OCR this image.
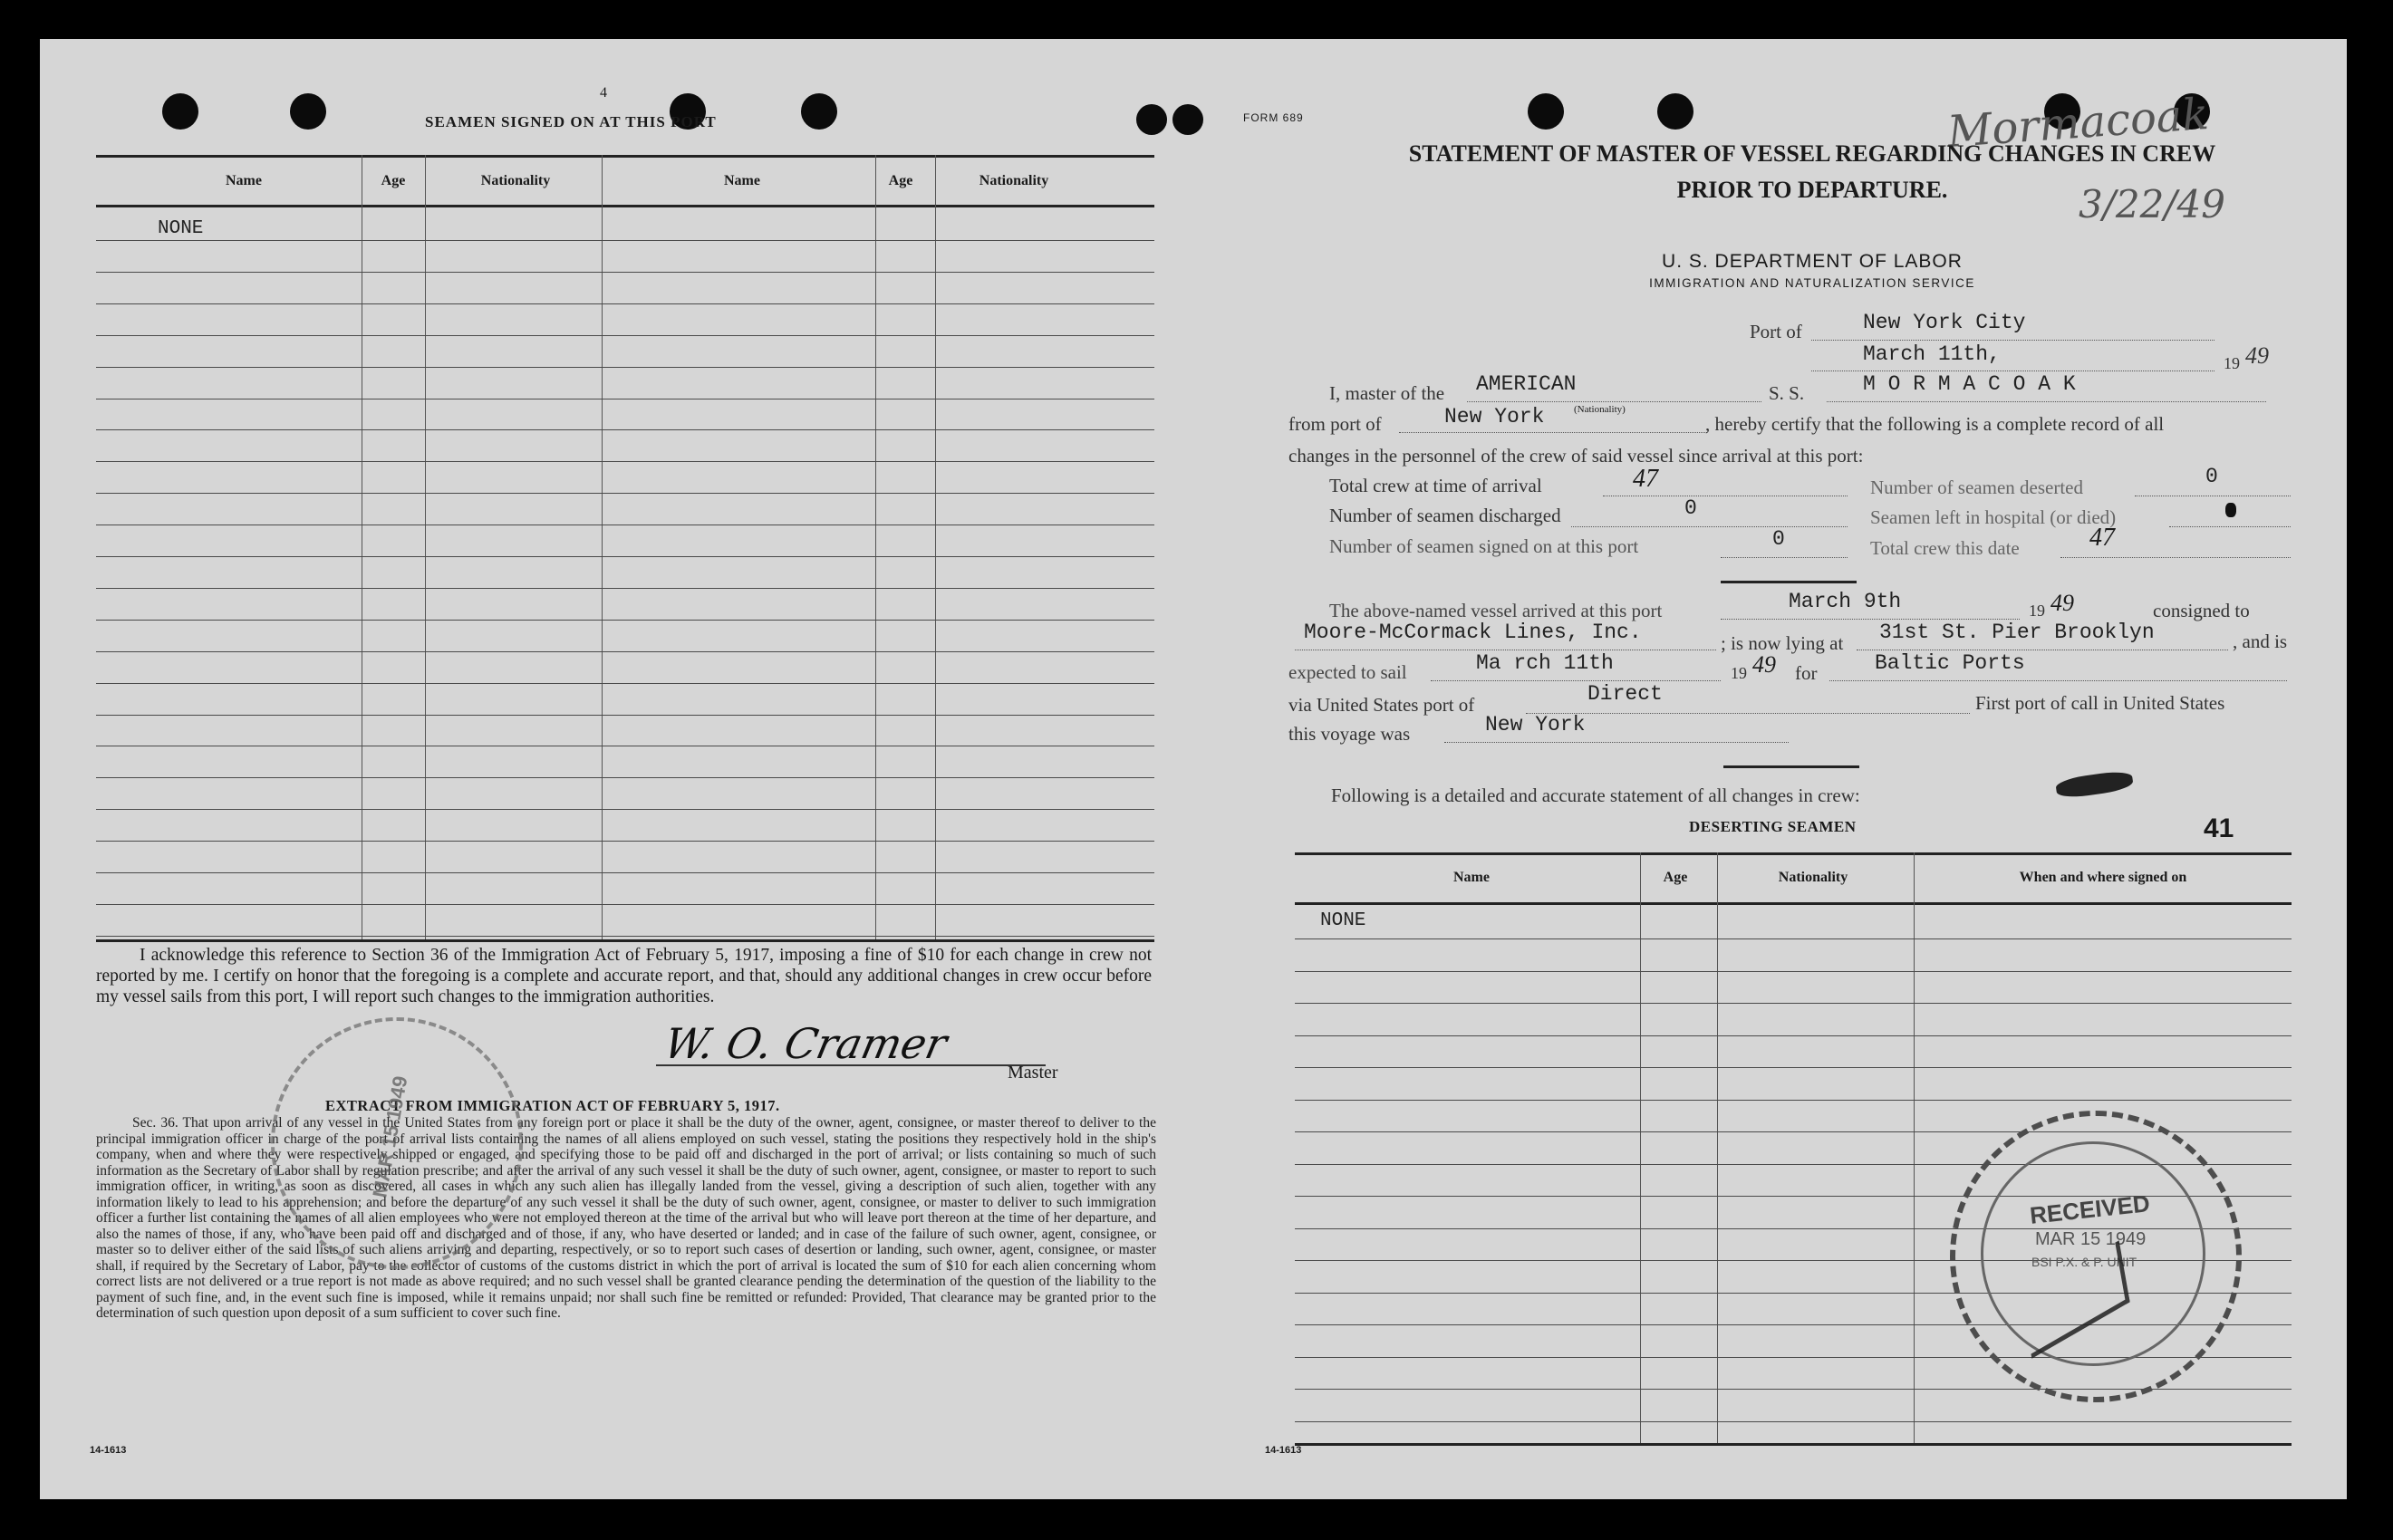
4
SEAMEN SIGNED ON AT THIS PORT
Name	Age	Nationality	Name	Age	Nationality
NONE
I acknowledge this reference to Section 36 of the Immigration Act of February 5, 1917, imposing a fine of $10 for each change in crew not reported by me. I certify on honor that the foregoing is a complete and accurate report, and that, should any additional changes in crew occur before my vessel sails from this port, I will report such changes to the immigration authorities.
W. O. Cramer
Master
EXTRACT FROM IMMIGRATION ACT OF FEBRUARY 5, 1917.
Sec. 36. That upon arrival of any vessel in the United States from any foreign port or place it shall be the duty of the owner, agent, consignee, or master thereof to deliver to the principal immigration officer in charge of the port of arrival lists containing the names of all aliens employed on such vessel, stating the positions they respectively hold in the ship's company, when and where they were respectively shipped or engaged, and specifying those to be paid off and discharged in the port of arrival; or lists containing so much of such information as the Secretary of Labor shall by regulation prescribe; and after the arrival of any such vessel it shall be the duty of such owner, agent, consignee, or master to report to such immigration officer, in writing, as soon as discovered, all cases in which any such alien has illegally landed from the vessel, giving a description of such alien, together with any information likely to lead to his apprehension; and before the departure of any such vessel it shall be the duty of such owner, agent, consignee, or master to deliver to such immigration officer a further list containing the names of all alien employees who were not employed thereon at the time of the arrival but who will leave port thereon at the time of her departure, and also the names of those, if any, who have been paid off and discharged and of those, if any, who have deserted or landed; and in case of the failure of such owner, agent, consignee, or master so to deliver either of the said lists of such aliens arriving and departing, respectively, or so to report such cases of desertion or landing, such owner, agent, consignee, or master shall, if required by the Secretary of Labor, pay to the collector of customs of the customs district in which the port of arrival is located the sum of $10 for each alien concerning whom correct lists are not delivered or a true report is not made as above required; and no such vessel shall be granted clearance pending the determination of the question of the liability to the payment of such fine, and, in the event such fine is imposed, while it remains unpaid; nor shall such fine be remitted or refunded: Provided, That clearance may be granted prior to the determination of such question upon deposit of a sum sufficient to cover such fine.
14-1613
MAR 15 1949
FORM 689	Mormacoak
3/22/49
STATEMENT OF MASTER OF VESSEL REGARDING CHANGES IN CREW
PRIOR TO DEPARTURE.
U. S. DEPARTMENT OF LABOR
IMMIGRATION AND NATURALIZATION SERVICE
Port of	New York City
March 11th,	19 49
I, master of the AMERICAN	S. S.	M O R M A C O A K
from port of	New York	(Nationality)
, hereby certify that the following is a complete record of all
changes in the personnel of the crew of said vessel since arrival at this port:
Total crew at time of arrival	47	Number of seamen deserted	0
Number of seamen discharged	0	Seamen left in hospital (or died)
Number of seamen signed on at this port	0	Total crew this date	47
The above-named vessel arrived at this port	March 9th	19 49	consigned to
Moore-McCormack Lines, Inc.	; is now lying at 31st St. Pier Brooklyn	, and is
expected to sail	Ma rch 11th	19 49 for	Baltic Ports
via United States port of	Direct	First port of call in United States
this voyage was	New York
Following is a detailed and accurate statement of all changes in crew:
DESERTING SEAMEN	41
Name	Age	Nationality	When and where signed on
NONE
14-1613
RECEIVED
MAR 15 1949
BSI P.X. & P. UNIT
